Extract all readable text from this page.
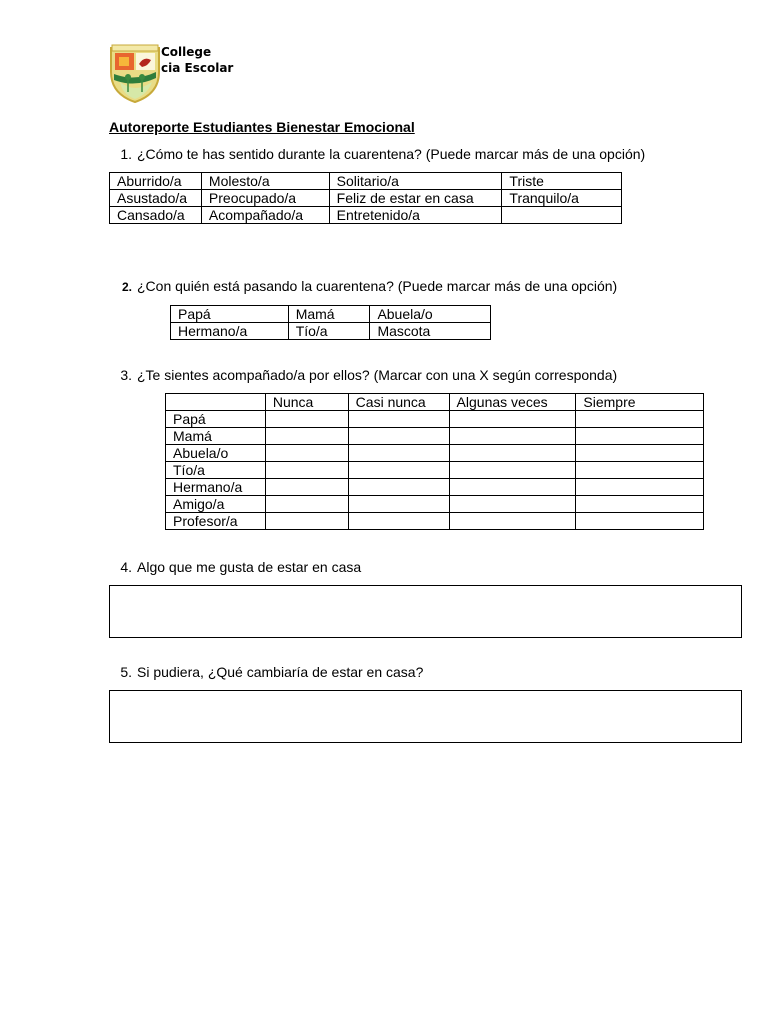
College
cia Escolar
Autoreporte Estudiantes Bienestar Emocional
1. ¿Cómo te has sentido durante la cuarentena? (Puede marcar más de una opción)
Aburrido/a	Molesto/a	Solitario/a	Triste
Asustado/a	Preocupado/a	Feliz de estar en casa	Tranquilo/a
Cansado/a	Acompañado/a	Entretenido/a	
2. ¿Con quién está pasando la cuarentena? (Puede marcar más de una opción)
Papá	Mamá	Abuela/o
Hermano/a	Tío/a	Mascota
3. ¿Te sientes acompañado/a por ellos? (Marcar con una X según corresponda)
	Nunca	Casi nunca	Algunas veces	Siempre
Papá				
Mamá				
Abuela/o				
Tío/a				
Hermano/a				
Amigo/a				
Profesor/a				
4. Algo que me gusta de estar en casa
5. Si pudiera, ¿Qué cambiaría de estar en casa?
